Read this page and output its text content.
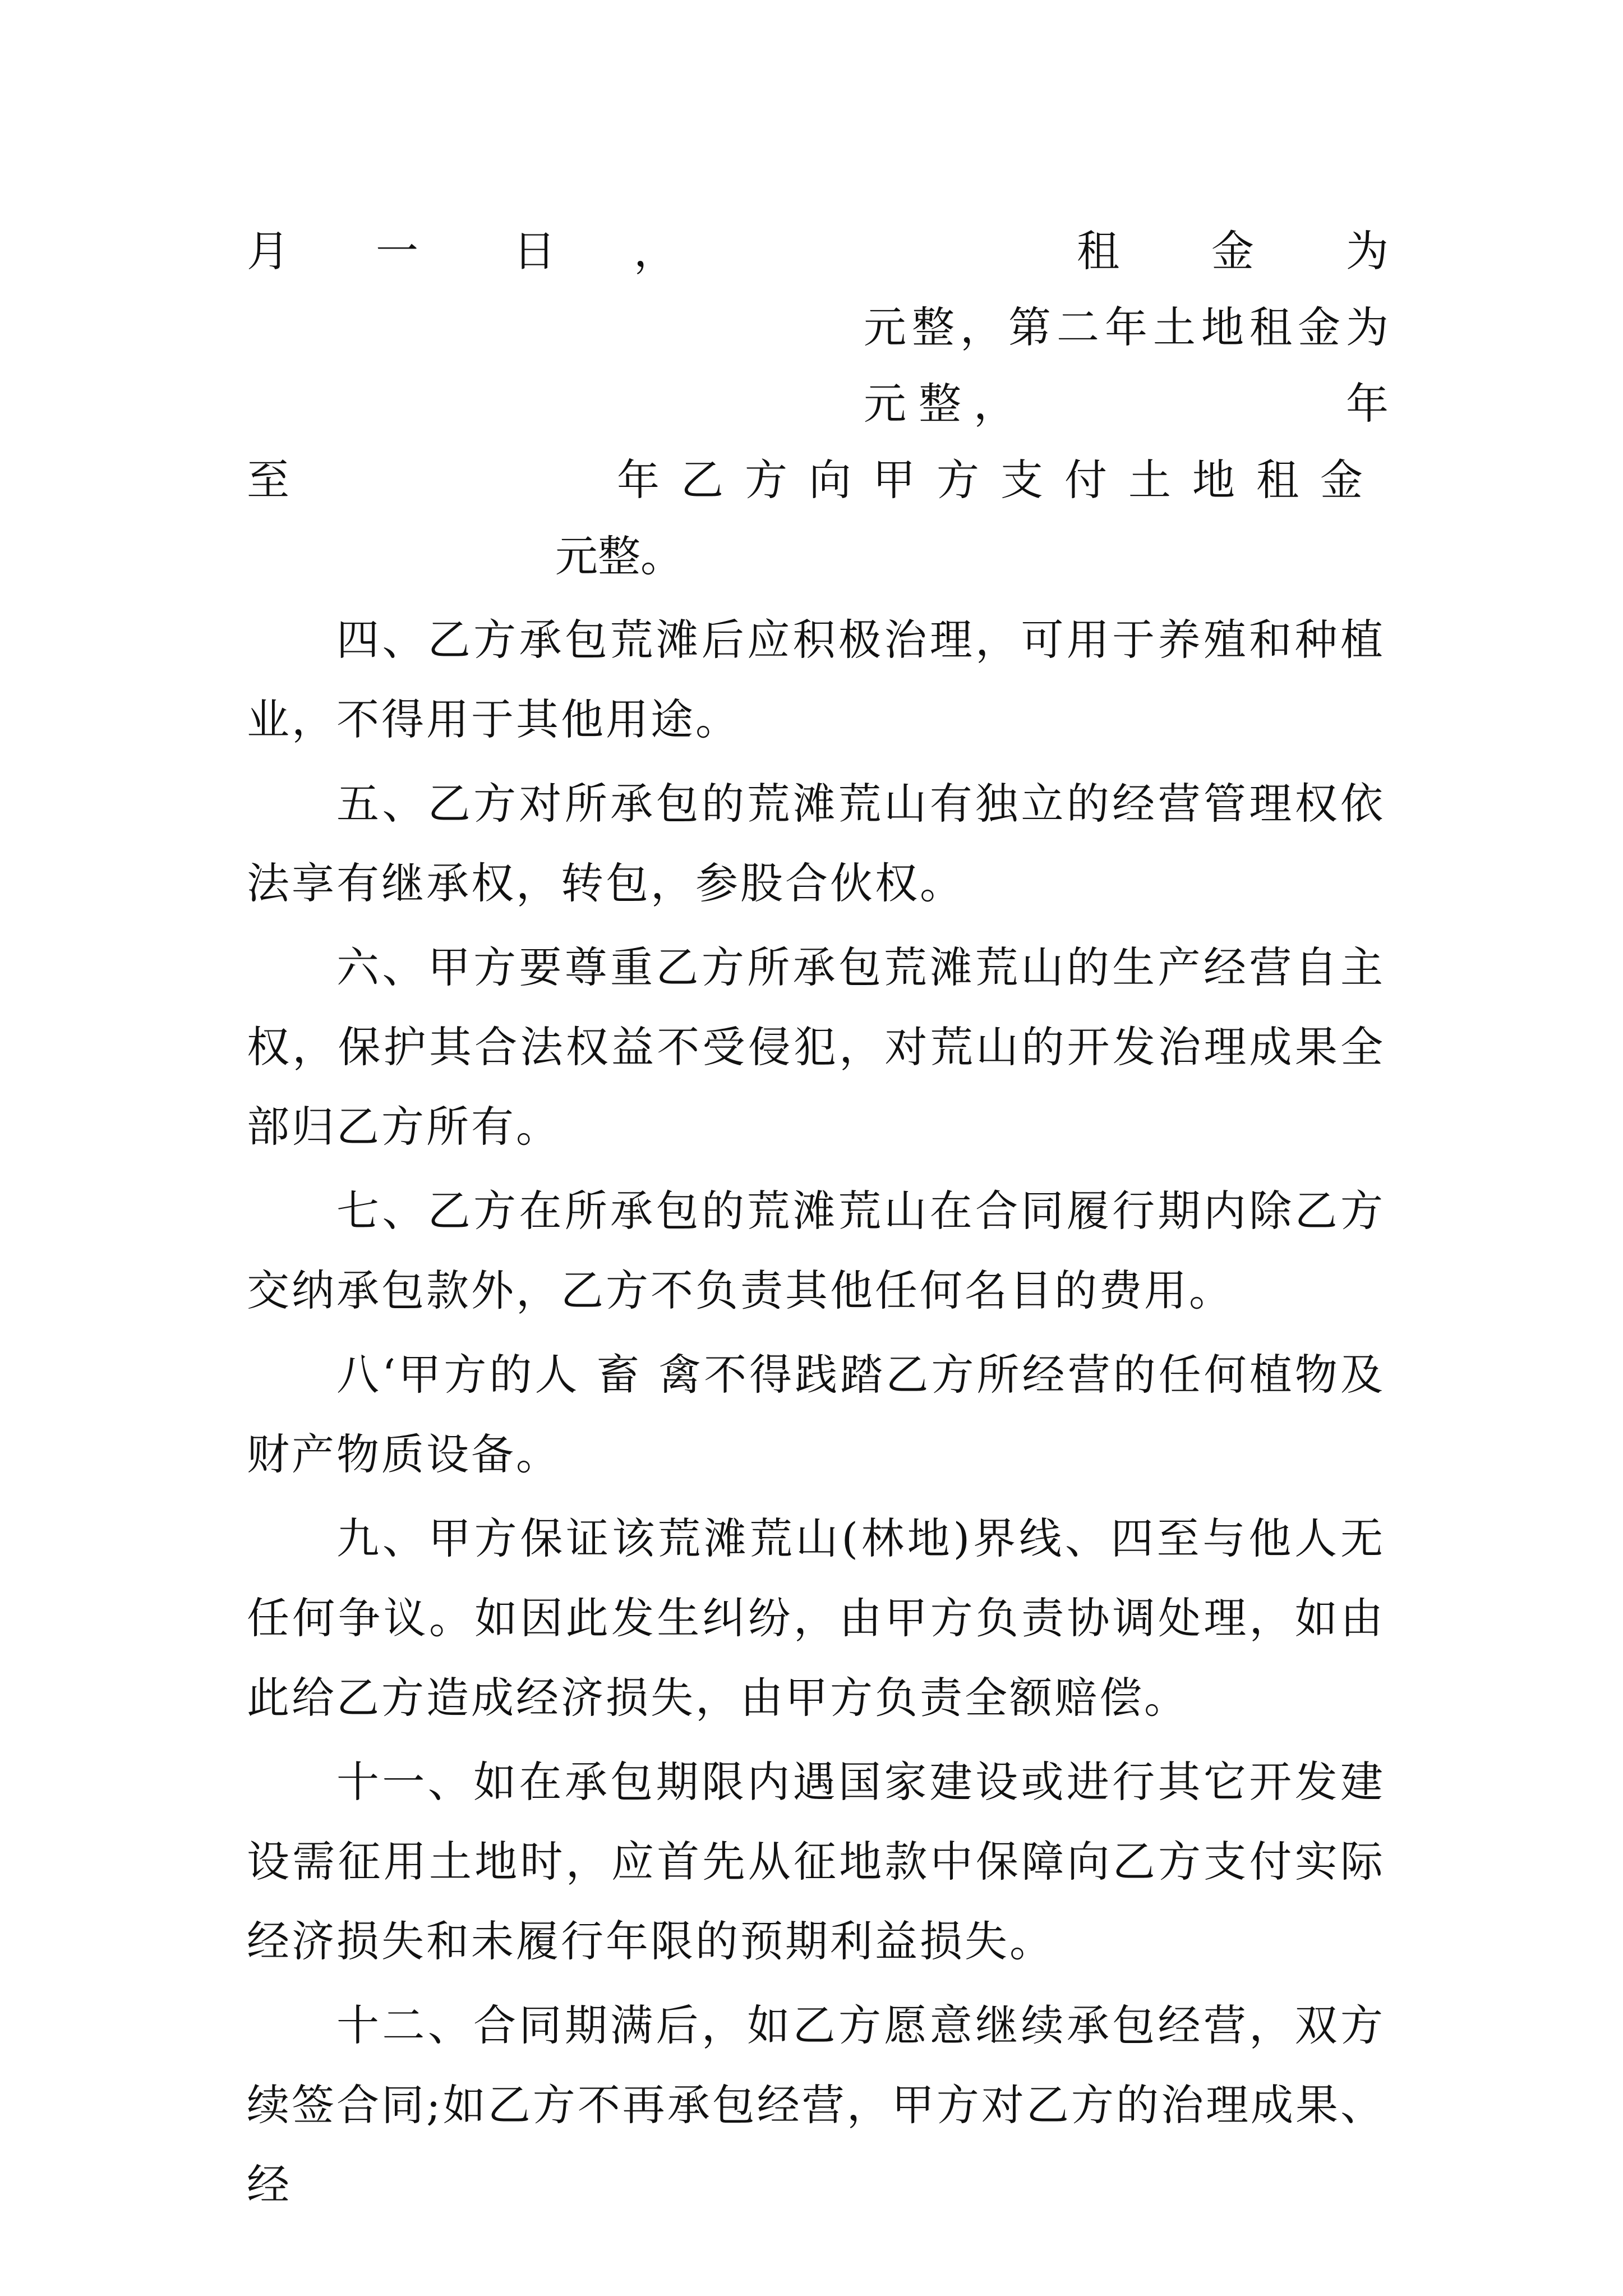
月 一 日 ，	租 金 为
元整，第二年土地租金为
元整，	年
至	年乙方向甲方支付土地租金
元整。

四、乙方承包荒滩后应积极治理，可用于养殖和种植业，不得用于其他用途。

五、乙方对所承包的荒滩荒山有独立的经营管理权依法享有继承权，转包，参股合伙权。

六、甲方要尊重乙方所承包荒滩荒山的生产经营自主权，保护其合法权益不受侵犯，对荒山的开发治理成果全部归乙方所有。

七、乙方在所承包的荒滩荒山在合同履行期内除乙方交纳承包款外，乙方不负责其他任何名目的费用。

八‘甲方的人 畜 禽不得践踏乙方所经营的任何植物及财产物质设备。

九、甲方保证该荒滩荒山(林地)界线、四至与他人无任何争议。如因此发生纠纷，由甲方负责协调处理，如由此给乙方造成经济损失，由甲方负责全额赔偿。

十一、如在承包期限内遇国家建设或进行其它开发建设需征用土地时，应首先从征地款中保障向乙方支付实际经济损失和未履行年限的预期利益损失。

十二、合同期满后，如乙方愿意继续承包经营，双方续签合同;如乙方不再承包经营，甲方对乙方的治理成果、经
